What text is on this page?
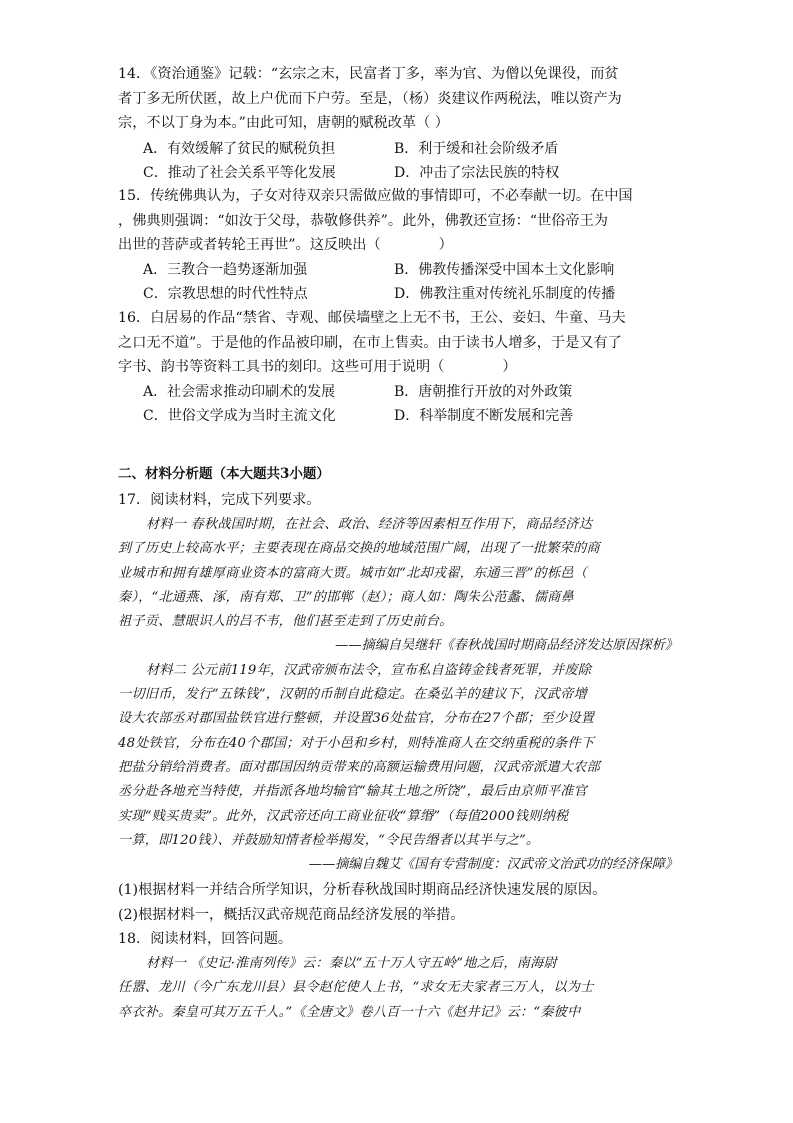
14．《资治通鉴》记载：“玄宗之末，民富者丁多，率为官、为僧以免课役，而贫
者丁多无所伏匿，故上户优而下户劳。至是，（杨）炎建议作两税法，唯以资产为
宗，不以丁身为本。”由此可知，唐朝的赋税改革（ ）
A．有效缓解了贫民的赋税负担	B．利于缓和社会阶级矛盾
C．推动了社会关系平等化发展	D．冲击了宗法民族的特权
15．传统佛典认为，子女对待双亲只需做应做的事情即可，不必奉献一切。在中国
，佛典则强调：“如汝于父母，恭敬修供养”。此外，佛教还宣扬：“世俗帝王为
出世的菩萨或者转轮王再世”。这反映出（	）
A．三教合一趋势逐渐加强	B．佛教传播深受中国本土文化影响
C．宗教思想的时代性特点	D．佛教注重对传统礼乐制度的传播
16．白居易的作品“禁省、寺观、邮侯墙壁之上无不书，王公、妾妇、牛童、马夫
之口无不道”。于是他的作品被印刷，在市上售卖。由于读书人增多，于是又有了
字书、韵书等资料工具书的刻印。这些可用于说明（	）
A．社会需求推动印刷术的发展	B．唐朝推行开放的对外政策
C．世俗文学成为当时主流文化	D．科举制度不断发展和完善
二、材料分析题（本大题共3小题）
17．阅读材料，完成下列要求。
材料一 春秋战国时期，在社会、政治、经济等因素相互作用下，商品经济达
到了历史上较高水平；主要表现在商品交换的地域范围广阔，出现了一批繁荣的商
业城市和拥有雄厚商业资本的富商大贾。城市如“北却戎翟，东通三晋”的栎邑（
秦），“北通燕、涿，南有郑、卫”的邯郸（赵）；商人如：陶朱公范蠡、儒商鼻
祖子贡、慧眼识人的吕不韦，他们甚至走到了历史前台。
——摘编自吴继轩《春秋战国时期商品经济发达原因探析》
材料二 公元前119年，汉武帝颁布法令，宣布私自盗铸金钱者死罪，并废除
一切旧币，发行“五铢钱”，汉朝的币制自此稳定。在桑弘羊的建议下，汉武帝增
设大农部丞对郡国盐铁官进行整顿，并设置36处盐官，分布在27个郡；至少设置
48处铁官，分布在40个郡国；对于小邑和乡村，则特准商人在交纳重税的条件下
把盐分销给消费者。面对郡国因纳贡带来的高额运输费用问题，汉武帝派遣大农部
丞分赴各地充当特使，并指派各地均输官“输其土地之所饶”，最后由京师平准官
实现“贱买贵卖”。此外，汉武帝还向工商业征收“算缗”（每值2000钱则纳税
一算，即120钱）、并鼓励知情者检举揭发，“令民告缗者以其半与之”。
——摘编自魏艾《国有专营制度：汉武帝文治武功的经济保障》
(1)根据材料一并结合所学知识，分析春秋战国时期商品经济快速发展的原因。
(2)根据材料一，概括汉武帝规范商品经济发展的举措。
18．阅读材料，回答问题。
材料一 《史记·淮南列传》云：秦以“五十万人守五岭”地之后，南海尉
任嚣、龙川（今广东龙川县）县令赵佗使人上书，“求女无夫家者三万人，以为士
卒衣补。秦皇可其万五千人。”《全唐文》卷八百一十六《赵井记》云：“秦彼中
